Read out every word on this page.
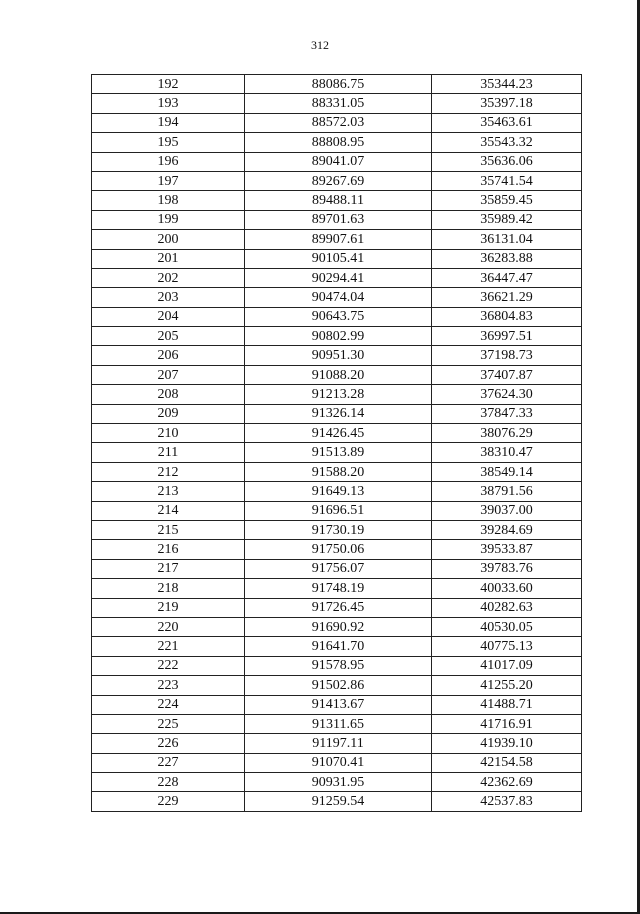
312
192	88086.75	35344.23
193	88331.05	35397.18
194	88572.03	35463.61
195	88808.95	35543.32
196	89041.07	35636.06
197	89267.69	35741.54
198	89488.11	35859.45
199	89701.63	35989.42
200	89907.61	36131.04
201	90105.41	36283.88
202	90294.41	36447.47
203	90474.04	36621.29
204	90643.75	36804.83
205	90802.99	36997.51
206	90951.30	37198.73
207	91088.20	37407.87
208	91213.28	37624.30
209	91326.14	37847.33
210	91426.45	38076.29
211	91513.89	38310.47
212	91588.20	38549.14
213	91649.13	38791.56
214	91696.51	39037.00
215	91730.19	39284.69
216	91750.06	39533.87
217	91756.07	39783.76
218	91748.19	40033.60
219	91726.45	40282.63
220	91690.92	40530.05
221	91641.70	40775.13
222	91578.95	41017.09
223	91502.86	41255.20
224	91413.67	41488.71
225	91311.65	41716.91
226	91197.11	41939.10
227	91070.41	42154.58
228	90931.95	42362.69
229	91259.54	42537.83
